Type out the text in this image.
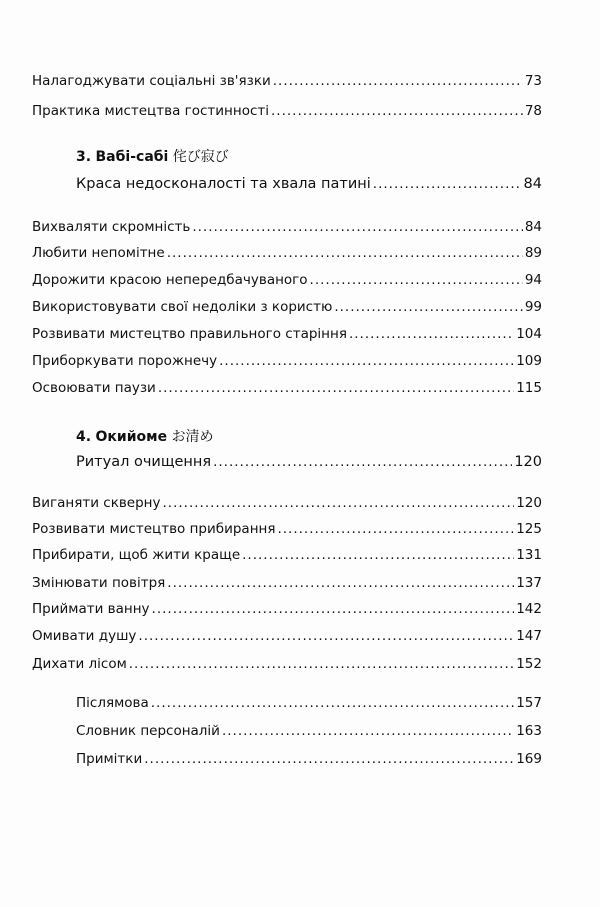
Налагоджувати соціальні зв'язки .....	73
Практика мистецтва гостинності .....	78
3. Вабі-сабі 侘び寂び
Краса недосконалості та хвала патині .....	84
Вихваляти скромність .....	84
Любити непомітне .....	89
Дорожити красою непередбачуваного .....	94
Використовувати свої недоліки з користю .....	99
Розвивати мистецтво правильного старіння .....	104
Приборкувати порожнечу .....	109
Освоювати паузи .....	115
4. Окийоме お清め
Ритуал очищення .....	120
Виганяти скверну .....	120
Розвивати мистецтво прибирання .....	125
Прибирати, щоб жити краще .....	131
Змінювати повітря .....	137
Приймати ванну .....	142
Омивати душу .....	147
Дихати лісом .....	152
Післямова .....	157
Словник персоналій .....	163
Примітки .....	169
